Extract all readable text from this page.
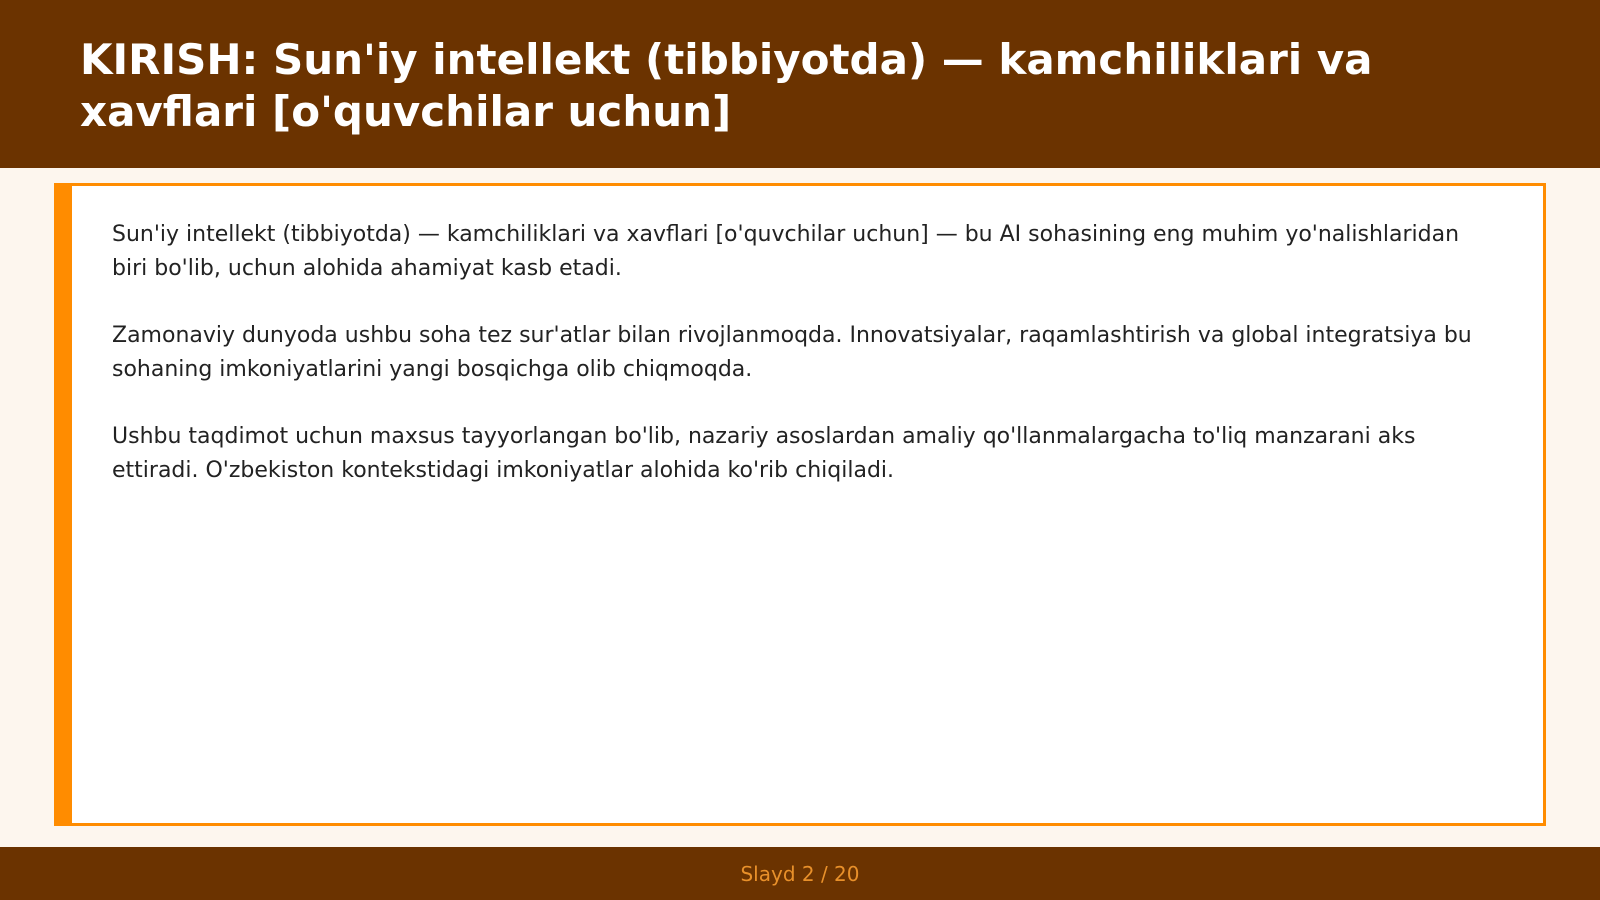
KIRISH: Sun'iy intellekt (tibbiyotda) — kamchiliklari va xavflari [o'quvchilar uchun]

Sun'iy intellekt (tibbiyotda) — kamchiliklari va xavflari [o'quvchilar uchun] — bu AI sohasining eng muhim yo'nalishlaridan biri bo'lib, uchun alohida ahamiyat kasb etadi.

Zamonaviy dunyoda ushbu soha tez sur'atlar bilan rivojlanmoqda. Innovatsiyalar, raqamlashtirish va global integratsiya bu sohaning imkoniyatlarini yangi bosqichga olib chiqmoqda.

Ushbu taqdimot uchun maxsus tayyorlangan bo'lib, nazariy asoslardan amaliy qo'llanmalargacha to'liq manzarani aks ettiradi. O'zbekiston kontekstidagi imkoniyatlar alohida ko'rib chiqiladi.

Slayd 2 / 20
